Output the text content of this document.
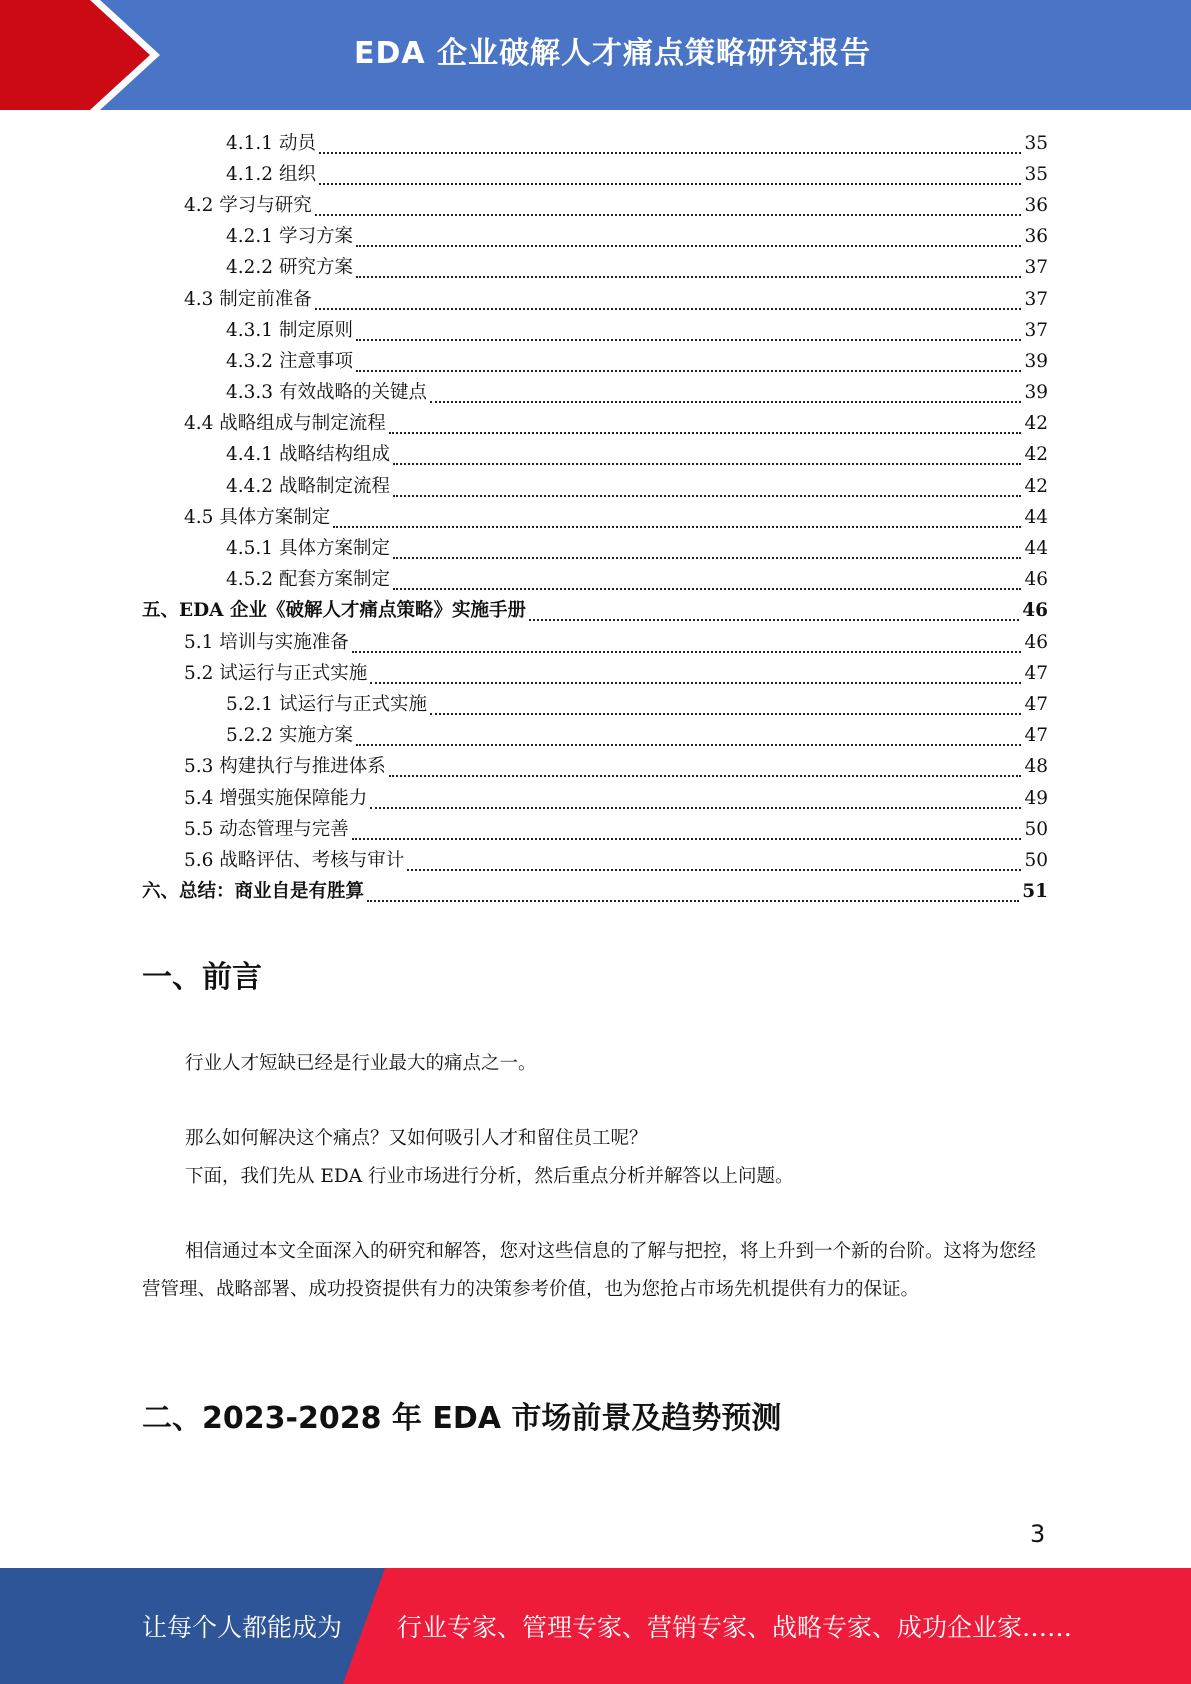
EDA 企业破解人才痛点策略研究报告
4.1.1 动员	35
4.1.2 组织	35
4.2 学习与研究	36
4.2.1 学习方案	36
4.2.2 研究方案	37
4.3 制定前准备	37
4.3.1 制定原则	37
4.3.2 注意事项	39
4.3.3 有效战略的关键点	39
4.4 战略组成与制定流程	42
4.4.1 战略结构组成	42
4.4.2 战略制定流程	42
4.5 具体方案制定	44
4.5.1 具体方案制定	44
4.5.2 配套方案制定	46
五、EDA 企业《破解人才痛点策略》实施手册	46
5.1 培训与实施准备	46
5.2 试运行与正式实施	47
5.2.1 试运行与正式实施	47
5.2.2 实施方案	47
5.3 构建执行与推进体系	48
5.4 增强实施保障能力	49
5.5 动态管理与完善	50
5.6 战略评估、考核与审计	50
六、总结：商业自是有胜算	51
一、前言
行业人才短缺已经是行业最大的痛点之一。
那么如何解决这个痛点？又如何吸引人才和留住员工呢？
下面，我们先从 EDA 行业市场进行分析，然后重点分析并解答以上问题。
相信通过本文全面深入的研究和解答，您对这些信息的了解与把控，将上升到一个新的台阶。这将为您经营管理、战略部署、成功投资提供有力的决策参考价值，也为您抢占市场先机提供有力的保证。
二、2023-2028 年 EDA 市场前景及趋势预测
3
让每个人都能成为 行业专家、管理专家、营销专家、战略专家、成功企业家……
